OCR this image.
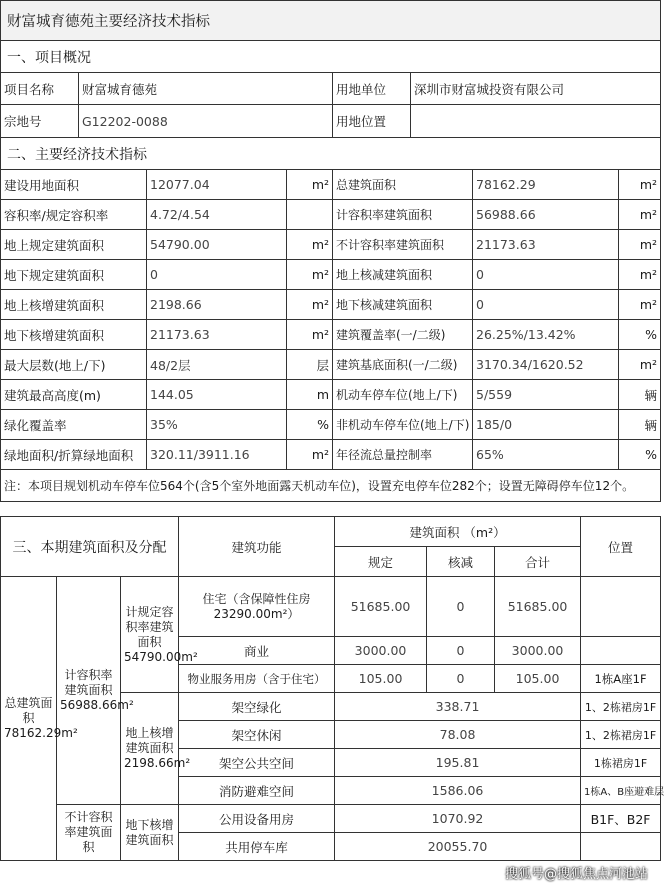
财富城育德苑主要经济技术指标			
一、项目概况			
项目名称	财富城育德苑	用地单位	深圳市财富城投资有限公司
宗地号	G12202-0088	用地位置	
二、主要经济技术指标					
建设用地面积	12077.04	m²	总建筑面积	78162.29	m²
容积率/规定容积率	4.72/4.54		计容积率建筑面积	56988.66	m²
地上规定建筑面积	54790.00	m²	不计容积率建筑面积	21173.63	m²
地下规定建筑面积	0	m²	地上核减建筑面积	0	m²
地上核增建筑面积	2198.66	m²	地下核减建筑面积	0	m²
地下核增建筑面积	21173.63	m²	建筑覆盖率(一/二级)	26.25%/13.42%	%
最大层数(地上/下)	48/2层	层	建筑基底面积(一/二级)	3170.34/1620.52	m²
建筑最高高度(m)	144.05	m	机动车停车位(地上/下)	5/559	辆
绿化覆盖率	35%	%	非机动车停车位(地上/下)	185/0	辆
绿地面积/折算绿地面积	320.11/3911.16	m²	年径流总量控制率	65%	%
注：本项目规划机动车停车位564个(含5个室外地面露天机动车位)，设置充电停车位282个；设置无障碍停车位12个。					
三、本期建筑面积及分配			建筑功能	建筑面积 （m²）			位置
				规定	核减	合计	
总建筑面积78162.29m²	计容积率建筑面积56988.66m²	计规定容积率建筑面积54790.00m²	住宅（含保障性住房23290.00m²）	51685.00	0	51685.00	
			商业	3000.00	0	3000.00	
			物业服务用房（含于住宅）	105.00	0	105.00	1栋A座1F
		地上核增建筑面积2198.66m²	架空绿化	338.71			1、2栋裙房1F
			架空休闲	78.08			1、2栋裙房1F
			架空公共空间	195.81			1栋裙房1F
			消防避难空间	1586.06			1栋A、B座避难层
	不计容积率建筑面积	地下核增建筑面积	公用设备用房	1070.92			B1F、B2F
			共用停车库	20055.70			
搜狐号@搜狐焦点河池站
